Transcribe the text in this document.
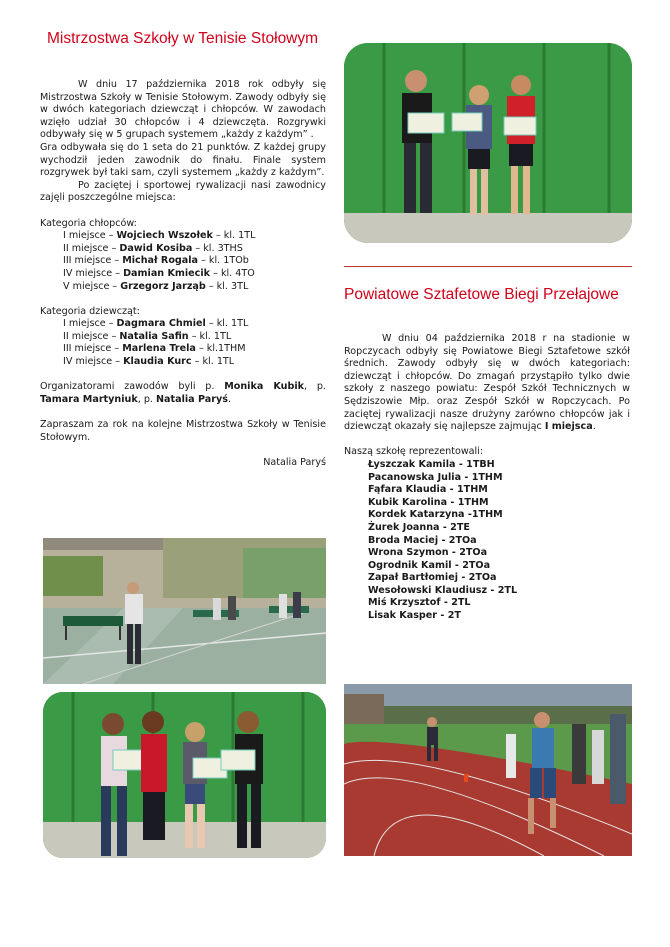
Mistrzostwa Szkoły w Tenisie Stołowym
W dniu 17 października 2018 rok odbyły się Mistrzostwa Szkoły w Tenisie Stołowym. Zawody odbyły się w dwóch kategoriach dziewcząt i chłopców. W zawodach wzięło udział 30 chłopców i 4 dziewczęta. Rozgrywki odbywały się w 5 grupach systemem „każdy z każdym” .
Gra odbywała się do 1 seta do 21 punktów. Z każdej grupy wychodził jeden zawodnik do finału. Finale system rozgrywek był taki sam, czyli systemem „każdy z każdym”.
Po zaciętej i sportowej rywalizacji nasi zawodnicy zajęli poszczególne miejsca:
Kategoria chłopców:
I miejsce – Wojciech Wszołek – kl. 1TL
II miejsce – Dawid Kosiba – kl. 3THS
III miejsce – Michał Rogala – kl. 1TOb
IV miejsce – Damian Kmiecik – kl. 4TO
V miejsce – Grzegorz Jarząb – kl. 3TL
Kategoria dziewcząt:
I miejsce – Dagmara Chmiel – kl. 1TL
II miejsce – Natalia Safin – kl. 1TL
III miejsce – Marlena Trela – kl.1THM
IV miejsce – Klaudia Kurc – kl. 1TL
Organizatorami zawodów byli p. Monika Kubik, p. Tamara Martyniuk, p. Natalia Paryś.
Zapraszam za rok na kolejne Mistrzostwa Szkoły w Tenisie Stołowym.
Natalia Paryś
Powiatowe Sztafetowe Biegi Przełajowe
W dniu 04 października 2018 r na stadionie w Ropczycach odbyły się Powiatowe Biegi Sztafetowe szkół średnich. Zawody odbyły się w dwóch kategoriach: dziewcząt i chłopców. Do zmagań przystąpiło tylko dwie szkoły z naszego powiatu: Zespół Szkół Technicznych w Sędziszowie Młp. oraz Zespół Szkół w Ropczycach. Po zaciętej rywalizacji nasze drużyny zarówno chłopców jak i dziewcząt okazały się najlepsze zajmując I miejsca.
Naszą szkołę reprezentowali:
Łyszczak Kamila - 1TBH
Pacanowska Julia - 1THM
Fąfara Klaudia - 1THM
Kubik Karolina - 1THM
Kordek Katarzyna -1THM
Żurek Joanna - 2TE
Broda Maciej - 2TOa
Wrona Szymon - 2TOa
Ogrodnik Kamil - 2TOa
Zapał Bartłomiej - 2TOa
Wesołowski Klaudiusz - 2TL
Miś Krzysztof - 2TL
Lisak Kasper - 2T
